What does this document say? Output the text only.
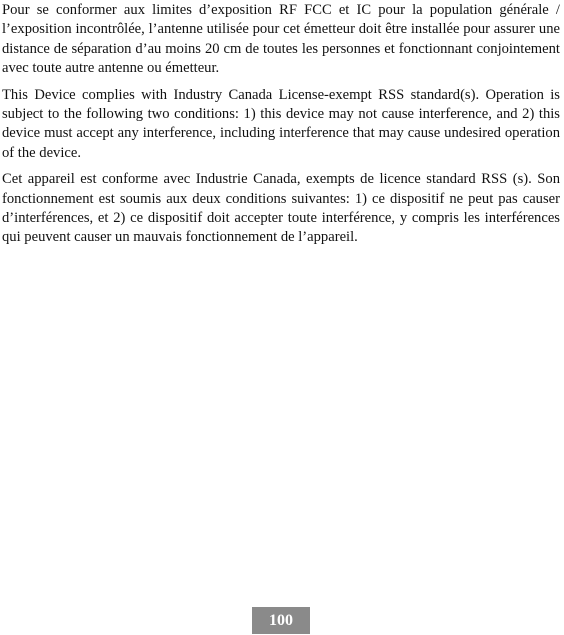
Pour se conformer aux limites d’exposition RF FCC et IC pour la population générale / l’exposition incontrôlée, l’antenne utilisée pour cet émetteur doit être installée pour assurer une distance de séparation d’au moins 20 cm de toutes les personnes et fonctionnant conjointement avec toute autre antenne ou émetteur.

This Device complies with Industry Canada License-exempt RSS standard(s). Operation is subject to the following two conditions: 1) this device may not cause interference, and 2) this device must accept any interference, including interference that may cause undesired operation of the device.

Cet appareil est conforme avec Industrie Canada, exempts de licence standard RSS (s). Son fonctionnement est soumis aux deux conditions suivantes: 1) ce dispositif ne peut pas causer d’interférences, et 2) ce dispositif doit accepter toute interférence, y compris les interférences qui peuvent causer un mauvais fonctionnement de l’appareil.

100
